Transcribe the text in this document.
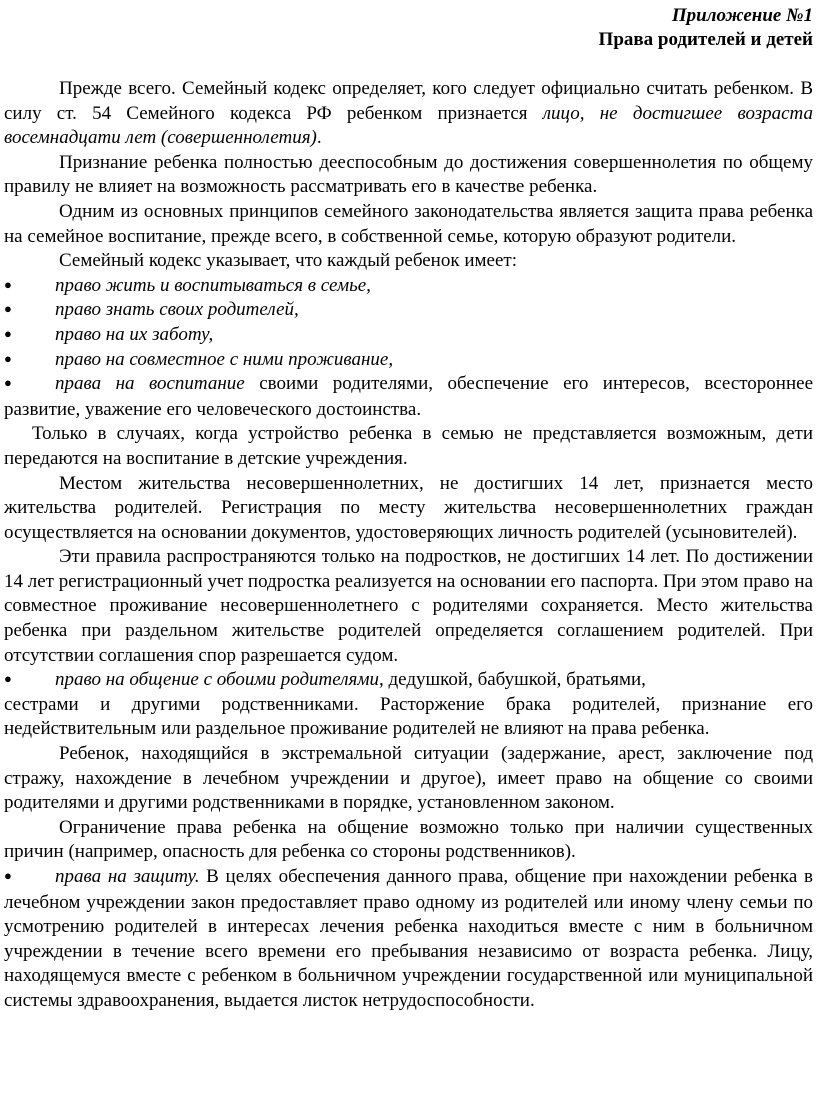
Приложение №1
Права родителей и детей

Прежде всего. Семейный кодекс определяет, кого следует официально считать ребенком. В силу ст. 54 Семейного кодекса РФ ребенком признается лицо, не достигшее возраста восемнадцати лет (совершеннолетия).

Признание ребенка полностью дееспособным до достижения совершеннолетия по общему правилу не влияет на возможность рассматривать его в качестве ребенка.

Одним из основных принципов семейного законодательства является защита права ребенка на семейное воспитание, прежде всего, в собственной семье, которую образуют родители.

Семейный кодекс указывает, что каждый ребенок имеет:

●	право жить и воспитываться в семье,
●	право знать своих родителей,
●	право на их заботу,
●	право на совместное с ними проживание,

● права на воспитание своими родителями, обеспечение его интересов, всестороннее развитие, уважение его человеческого достоинства.

Только в случаях, когда устройство ребенка в семью не представляется возможным, дети передаются на воспитание в детские учреждения.

Местом жительства несовершеннолетних, не достигших 14 лет, признается место жительства родителей. Регистрация по месту жительства несовершеннолетних граждан осуществляется на основании документов, удостоверяющих личность родителей (усыновителей).

Эти правила распространяются только на подростков, не достигших 14 лет. По достижении 14 лет регистрационный учет подростка реализуется на основании его паспорта. При этом право на совместное проживание несовершеннолетнего с родителями сохраняется. Место жительства ребенка при раздельном жительстве родителей определяется соглашением родителей. При отсутствии соглашения спор разрешается судом.

●	право на общение с обоими родителями, дедушкой, бабушкой, братьями,

сестрами и другими родственниками. Расторжение брака родителей, признание его недействительным или раздельное проживание родителей не влияют на права ребенка.

Ребенок, находящийся в экстремальной ситуации (задержание, арест, заключение под стражу, нахождение в лечебном учреждении и другое), имеет право на общение со своими родителями и другими родственниками в порядке, установленном законом.

Ограничение права ребенка на общение возможно только при наличии существенных причин (например, опасность для ребенка со стороны родственников).

● права на защиту. В целях обеспечения данного права, общение при нахождении ребенка в лечебном учреждении закон предоставляет право одному из родителей или иному члену семьи по усмотрению родителей в интересах лечения ребенка находиться вместе с ним в больничном учреждении в течение всего времени его пребывания независимо от возраста ребенка. Лицу, находящемуся вместе с ребенком в больничном учреждении государственной или муниципальной системы здравоохранения, выдается листок нетрудоспособности.
